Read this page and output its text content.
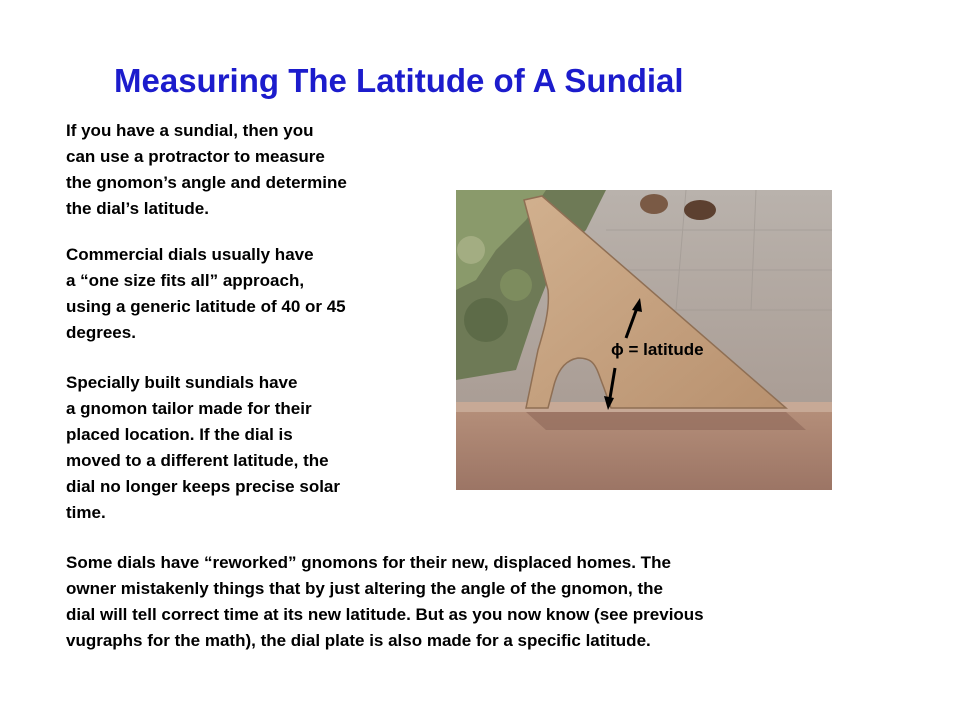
Measuring The Latitude of A Sundial
If you have a sundial, then you
can use a protractor to measure
the gnomon’s angle and determine
the dial’s latitude.
Commercial dials usually have
a “one size fits all” approach,
using a generic latitude of 40 or 45
degrees.
Specially built sundials have
a gnomon tailor made for their
placed location. If the dial is
moved to a different latitude, the
dial no longer keeps precise solar
time.
ϕ = latitude
Some dials have “reworked” gnomons for their new, displaced homes. The
owner mistakenly things that by just altering the angle of the gnomon, the
dial will tell correct time at its new latitude. But as you now know (see previous
vugraphs for the math), the dial plate is also made for a specific latitude.
